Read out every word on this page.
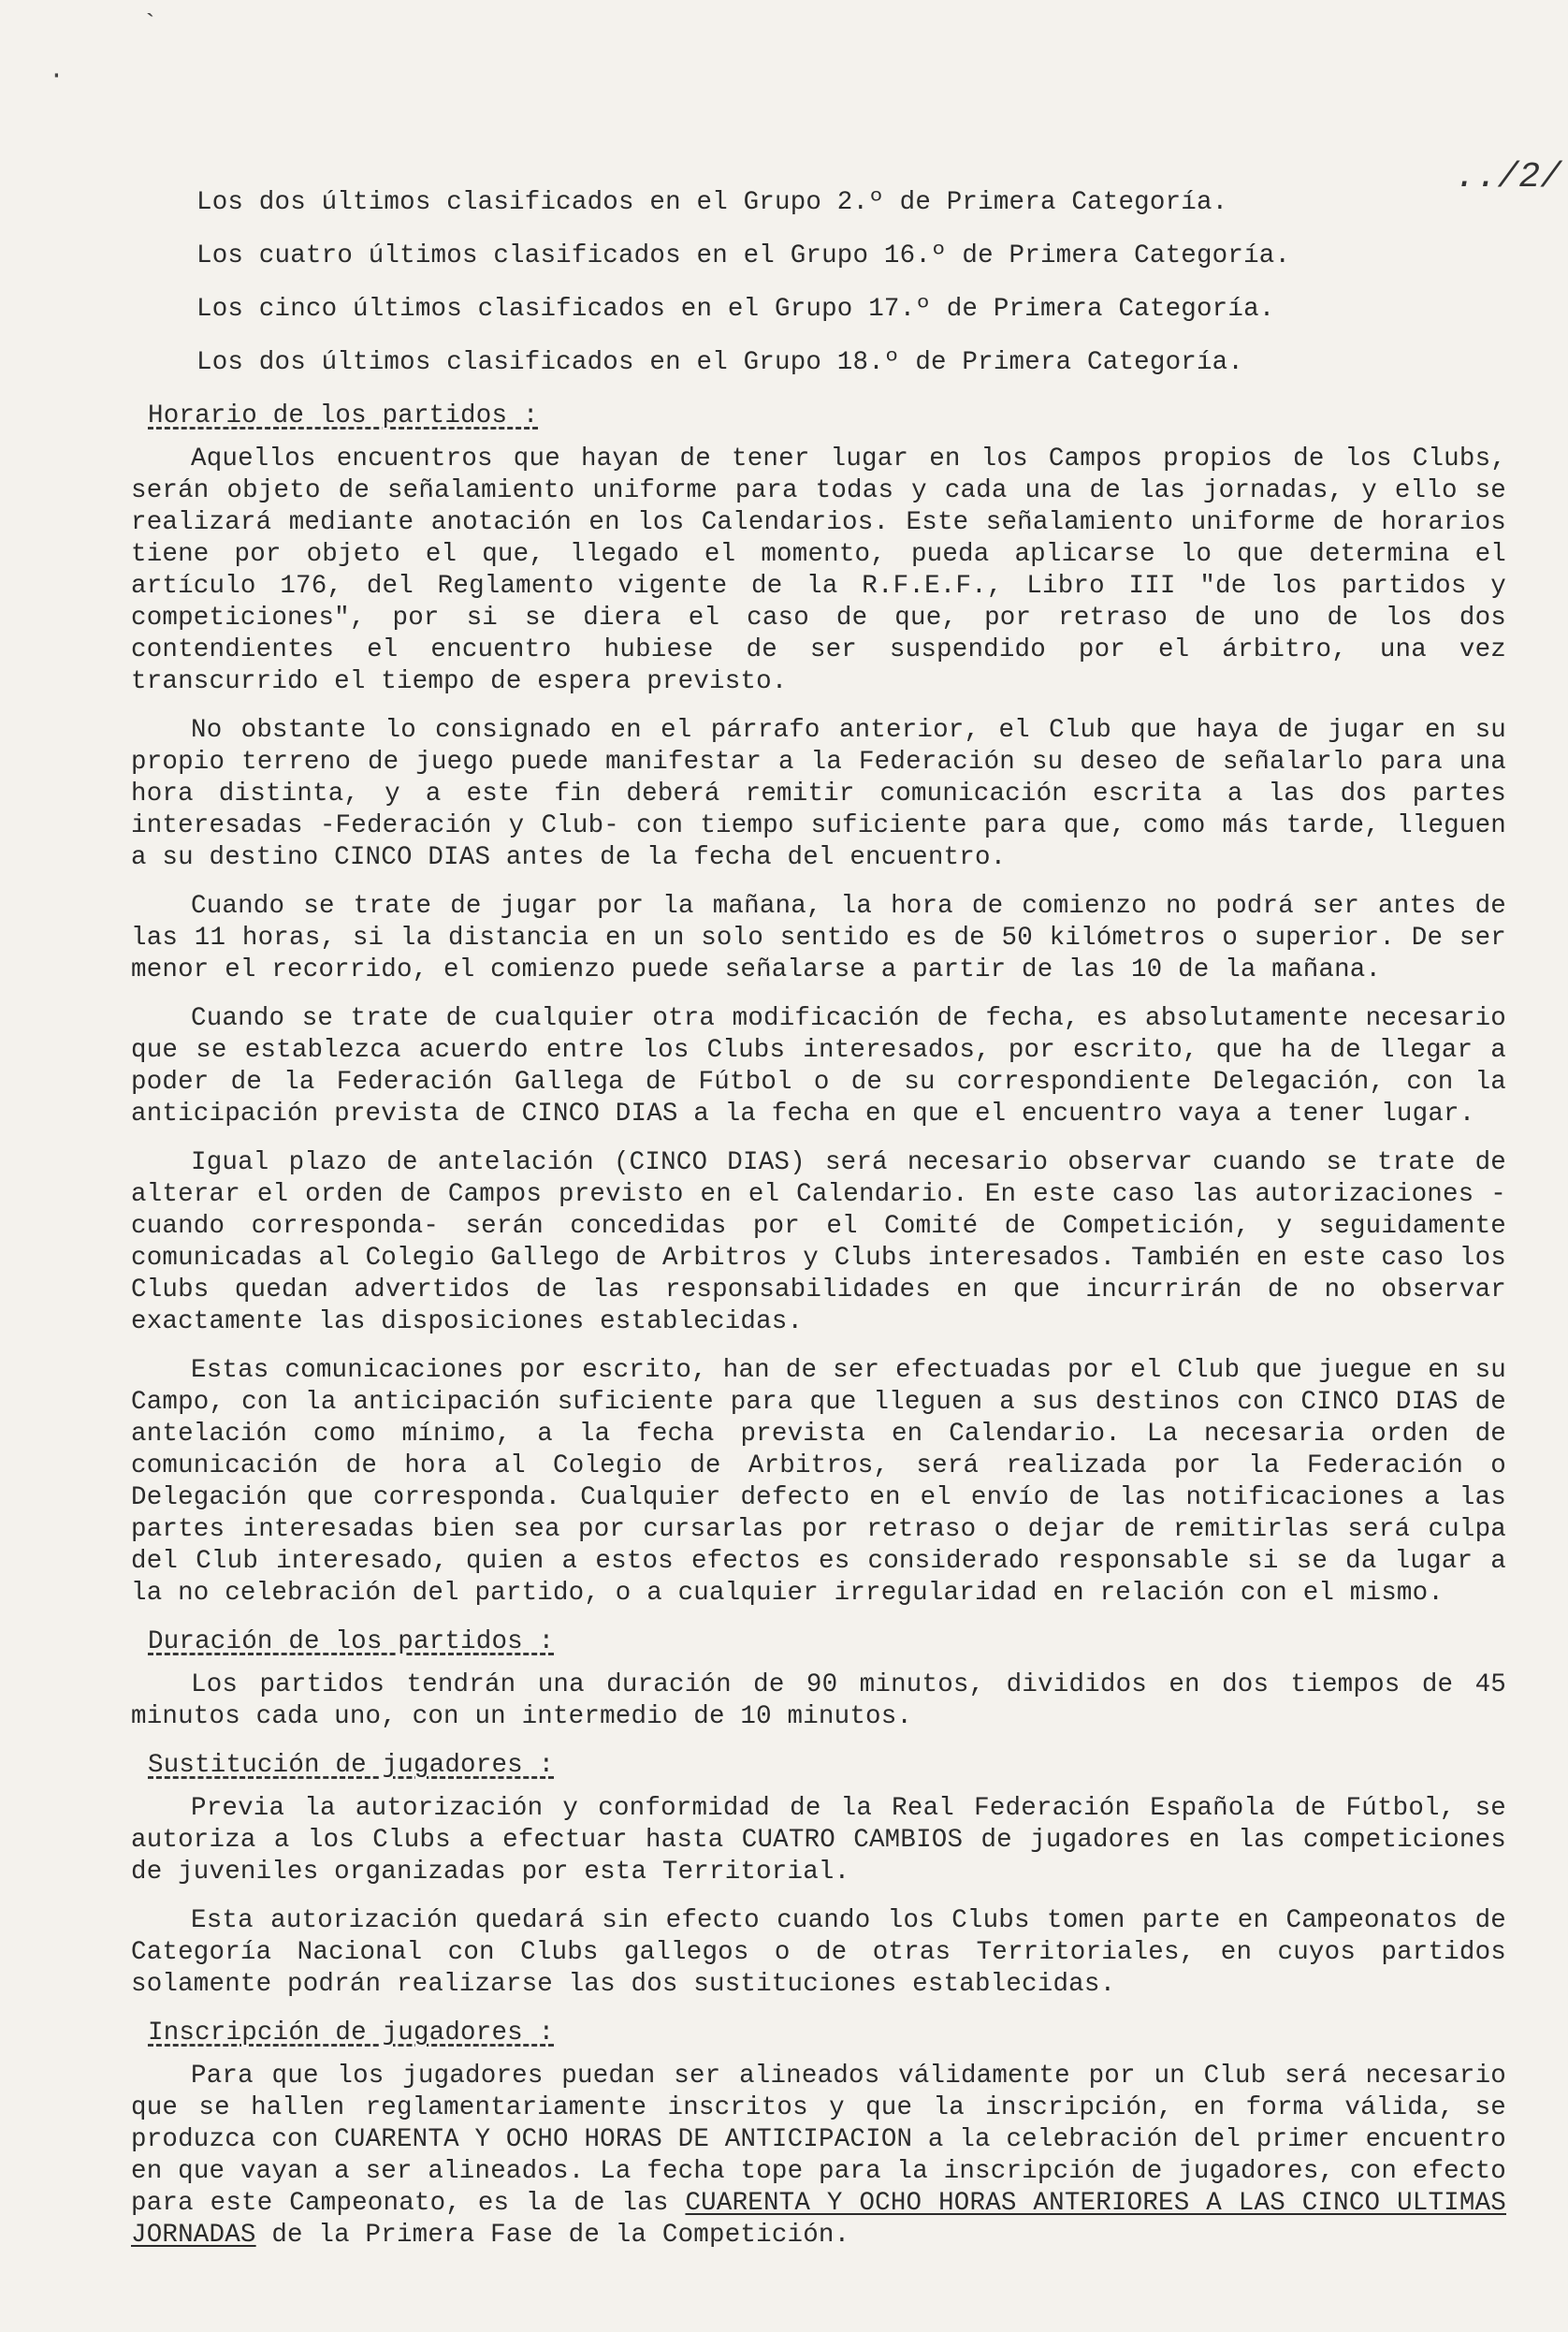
`
·
../2/
Los dos últimos clasificados en el Grupo 2.º de Primera Categoría.
Los cuatro últimos clasificados en el Grupo 16.º de Primera Categoría.
Los cinco últimos clasificados en el Grupo 17.º de Primera Categoría.
Los dos últimos clasificados en el Grupo 18.º de Primera Categoría.
Horario de los partidos :

Aquellos encuentros que hayan de tener lugar en los Campos propios de los Clubs, serán objeto de señalamiento uniforme para todas y cada una de las jornadas, y ello se realizará mediante anotación en los Calendarios. Este señalamiento uniforme de horarios tiene por objeto el que, llegado el momento, pueda aplicarse lo que determina el artículo 176, del Reglamento vigente de la R.F.E.F., Libro III "de los partidos y competiciones", por si se diera el caso de que, por retraso de uno de los dos contendientes el encuentro hubiese de ser suspendido por el árbitro, una vez transcurrido el tiempo de espera previsto.

No obstante lo consignado en el párrafo anterior, el Club que haya de jugar en su propio terreno de juego puede manifestar a la Federación su deseo de señalarlo para una hora distinta, y a este fin deberá remitir comunicación escrita a las dos partes interesadas -Federación y Club- con tiempo suficiente para que, como más tarde, lleguen a su destino CINCO DIAS antes de la fecha del encuentro.

Cuando se trate de jugar por la mañana, la hora de comienzo no podrá ser antes de las 11 horas, si la distancia en un solo sentido es de 50 kilómetros o superior. De ser menor el recorrido, el comienzo puede señalarse a partir de las 10 de la mañana.

Cuando se trate de cualquier otra modificación de fecha, es absolutamente necesario que se establezca acuerdo entre los Clubs interesados, por escrito, que ha de llegar a poder de la Federación Gallega de Fútbol o de su correspondiente Delegación, con la anticipación prevista de CINCO DIAS a la fecha en que el encuentro vaya a tener lugar.

Igual plazo de antelación (CINCO DIAS) será necesario observar cuando se trate de alterar el orden de Campos previsto en el Calendario. En este caso las autorizaciones -cuando corresponda- serán concedidas por el Comité de Competición, y seguidamente comunicadas al Colegio Gallego de Arbitros y Clubs interesados. También en este caso los Clubs quedan advertidos de las responsabilidades en que incurrirán de no observar exactamente las disposiciones establecidas.

Estas comunicaciones por escrito, han de ser efectuadas por el Club que juegue en su Campo, con la anticipación suficiente para que lleguen a sus destinos con CINCO DIAS de antelación como mínimo, a la fecha prevista en Calendario. La necesaria orden de comunicación de hora al Colegio de Arbitros, será realizada por la Federación o Delegación que corresponda. Cualquier defecto en el envío de las notificaciones a las partes interesadas bien sea por cursarlas por retraso o dejar de remitirlas será culpa del Club interesado, quien a estos efectos es considerado responsable si se da lugar a la no celebración del partido, o a cualquier irregularidad en relación con el mismo.

Duración de los partidos :

Los partidos tendrán una duración de 90 minutos, divididos en dos tiempos de 45 minutos cada uno, con un intermedio de 10 minutos.

Sustitución de jugadores :

Previa la autorización y conformidad de la Real Federación Española de Fútbol, se autoriza a los Clubs a efectuar hasta CUATRO CAMBIOS de jugadores en las competiciones de juveniles organizadas por esta Territorial.

Esta autorización quedará sin efecto cuando los Clubs tomen parte en Campeonatos de Categoría Nacional con Clubs gallegos o de otras Territoriales, en cuyos partidos solamente podrán realizarse las dos sustituciones establecidas.

Inscripción de jugadores :

Para que los jugadores puedan ser alineados válidamente por un Club será necesario que se hallen reglamentariamente inscritos y que la inscripción, en forma válida, se produzca con CUARENTA Y OCHO HORAS DE ANTICIPACION a la celebración del primer encuentro en que vayan a ser alineados. La fecha tope para la inscripción de jugadores, con efecto para este Campeonato, es la de las CUARENTA Y OCHO HORAS ANTERIORES A LAS CINCO ULTIMAS JORNADAS de la Primera Fase de la Competición.
